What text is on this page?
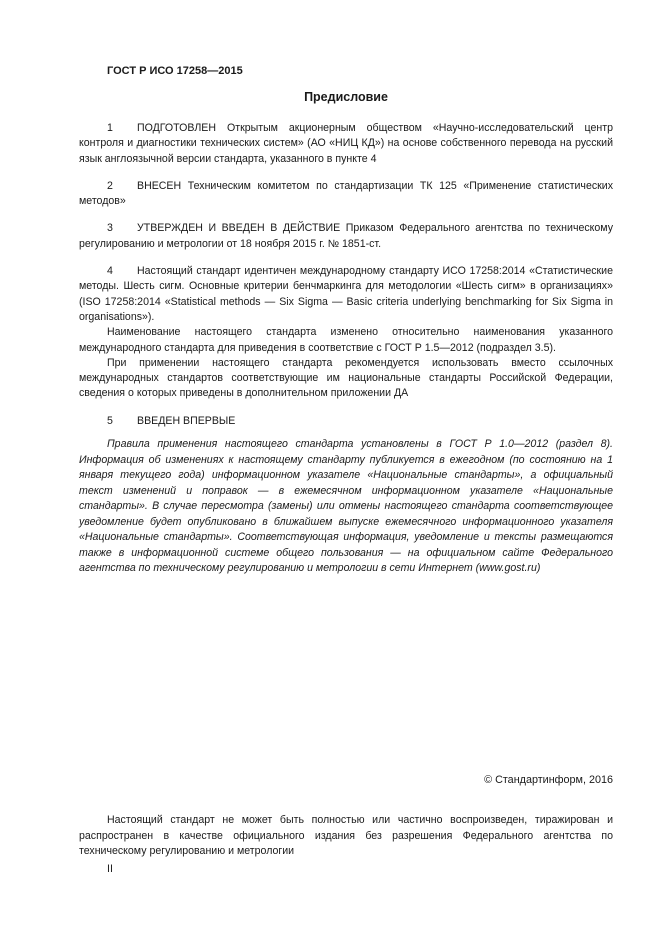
ГОСТ Р ИСО 17258—2015

Предисловие

1 ПОДГОТОВЛЕН Открытым акционерным обществом «Научно-исследовательский центр контроля и диагностики технических систем» (АО «НИЦ КД») на основе собственного перевода на русский язык англоязычной версии стандарта, указанного в пункте 4

2 ВНЕСЕН Техническим комитетом по стандартизации ТК 125 «Применение статистических методов»

3 УТВЕРЖДЕН И ВВЕДЕН В ДЕЙСТВИЕ Приказом Федерального агентства по техническому регулированию и метрологии от 18 ноября 2015 г. № 1851-ст.

4 Настоящий стандарт идентичен международному стандарту ИСО 17258:2014 «Статистические методы. Шесть сигм. Основные критерии бенчмаркинга для методологии «Шесть сигм» в организациях» (ISO 17258:2014 «Statistical methods — Six Sigma — Basic criteria underlying benchmarking for Six Sigma in organisations»).

Наименование настоящего стандарта изменено относительно наименования указанного международного стандарта для приведения в соответствие с ГОСТ Р 1.5—2012 (подраздел 3.5).

При применении настоящего стандарта рекомендуется использовать вместо ссылочных международных стандартов соответствующие им национальные стандарты Российской Федерации, сведения о которых приведены в дополнительном приложении ДА

5 ВВЕДЕН ВПЕРВЫЕ

Правила применения настоящего стандарта установлены в ГОСТ Р 1.0—2012 (раздел 8). Информация об изменениях к настоящему стандарту публикуется в ежегодном (по состоянию на 1 января текущего года) информационном указателе «Национальные стандарты», а официальный текст изменений и поправок — в ежемесячном информационном указателе «Национальные стандарты». В случае пересмотра (замены) или отмены настоящего стандарта соответствующее уведомление будет опубликовано в ближайшем выпуске ежемесячного информационного указателя «Национальные стандарты». Соответствующая информация, уведомление и тексты размещаются также в информационной системе общего пользования — на официальном сайте Федерального агентства по техническому регулированию и метрологии в сети Интернет (www.gost.ru)

© Стандартинформ, 2016

Настоящий стандарт не может быть полностью или частично воспроизведен, тиражирован и распространен в качестве официального издания без разрешения Федерального агентства по техническому регулированию и метрологии

II
